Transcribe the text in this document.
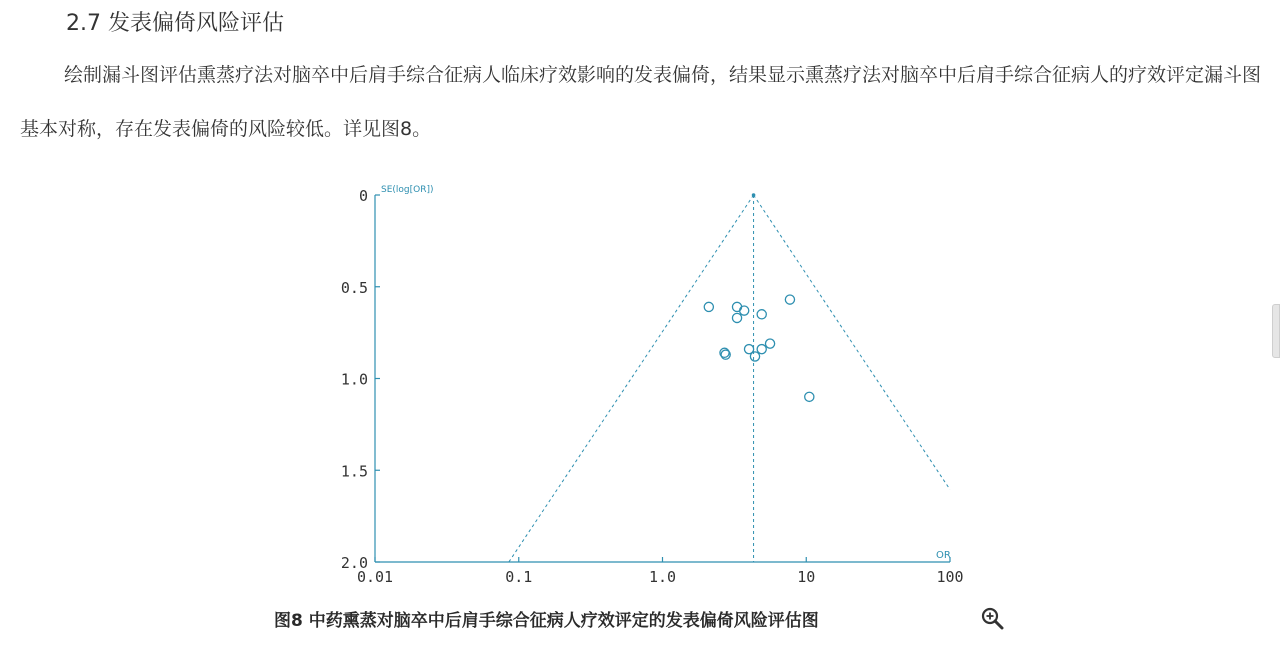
2.7 发表偏倚风险评估

绘制漏斗图评估熏蒸疗法对脑卒中后肩手综合征病人临床疗效影响的发表偏倚，结果显示熏蒸疗法对脑卒中后肩手综合征病人的疗效评定漏斗图基本对称，存在发表偏倚的风险较低。详见图8。

0
0.5
1.0
1.5
2.0
0.01	0.1	1.0	10	100
SE(log[OR])
OR
图8 中药熏蒸对脑卒中后肩手综合征病人疗效评定的发表偏倚风险评估图
